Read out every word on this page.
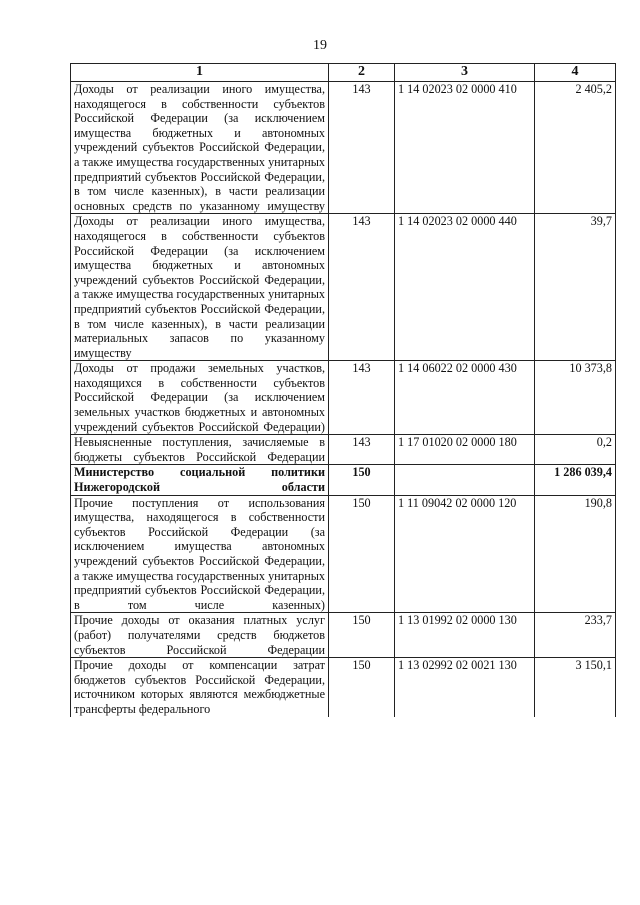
19
1	2	3	4
Доходы от реализации иного имущества, находящегося в собственности субъектов Российской Федерации (за исключением имущества бюджетных и автономных учреждений субъектов Российской Федерации, а также имущества государственных унитарных предприятий субъектов Российской Федерации, в том числе казенных), в части реализации основных средств по указанному имуществу	143	1 14 02023 02 0000 410	2 405,2
Доходы от реализации иного имущества, находящегося в собственности субъектов Российской Федерации (за исключением имущества бюджетных и автономных учреждений субъектов Российской Федерации, а также имущества государственных унитарных предприятий субъектов Российской Федерации, в том числе казенных), в части реализации материальных запасов по указанному имуществу	143	1 14 02023 02 0000 440	39,7
Доходы от продажи земельных участков, находящихся в собственности субъектов Российской Федерации (за исключением земельных участков бюджетных и автономных учреждений субъектов Российской Федерации)	143	1 14 06022 02 0000 430	10 373,8
Невыясненные поступления, зачисляемые в бюджеты субъектов Российской Федерации	143	1 17 01020 02 0000 180	0,2
Министерство социальной политики Нижегородской области	150		1 286 039,4
Прочие поступления от использования имущества, находящегося в собственности субъектов Российской Федерации (за исключением имущества автономных учреждений субъектов Российской Федерации, а также имущества государственных унитарных предприятий субъектов Российской Федерации, в том числе казенных)	150	1 11 09042 02 0000 120	190,8
Прочие доходы от оказания платных услуг (работ) получателями средств бюджетов субъектов Российской Федерации	150	1 13 01992 02 0000 130	233,7
Прочие доходы от компенсации затрат бюджетов субъектов Российской Федерации, источником которых являются межбюджетные трансферты федерального	150	1 13 02992 02 0021 130	3 150,1
